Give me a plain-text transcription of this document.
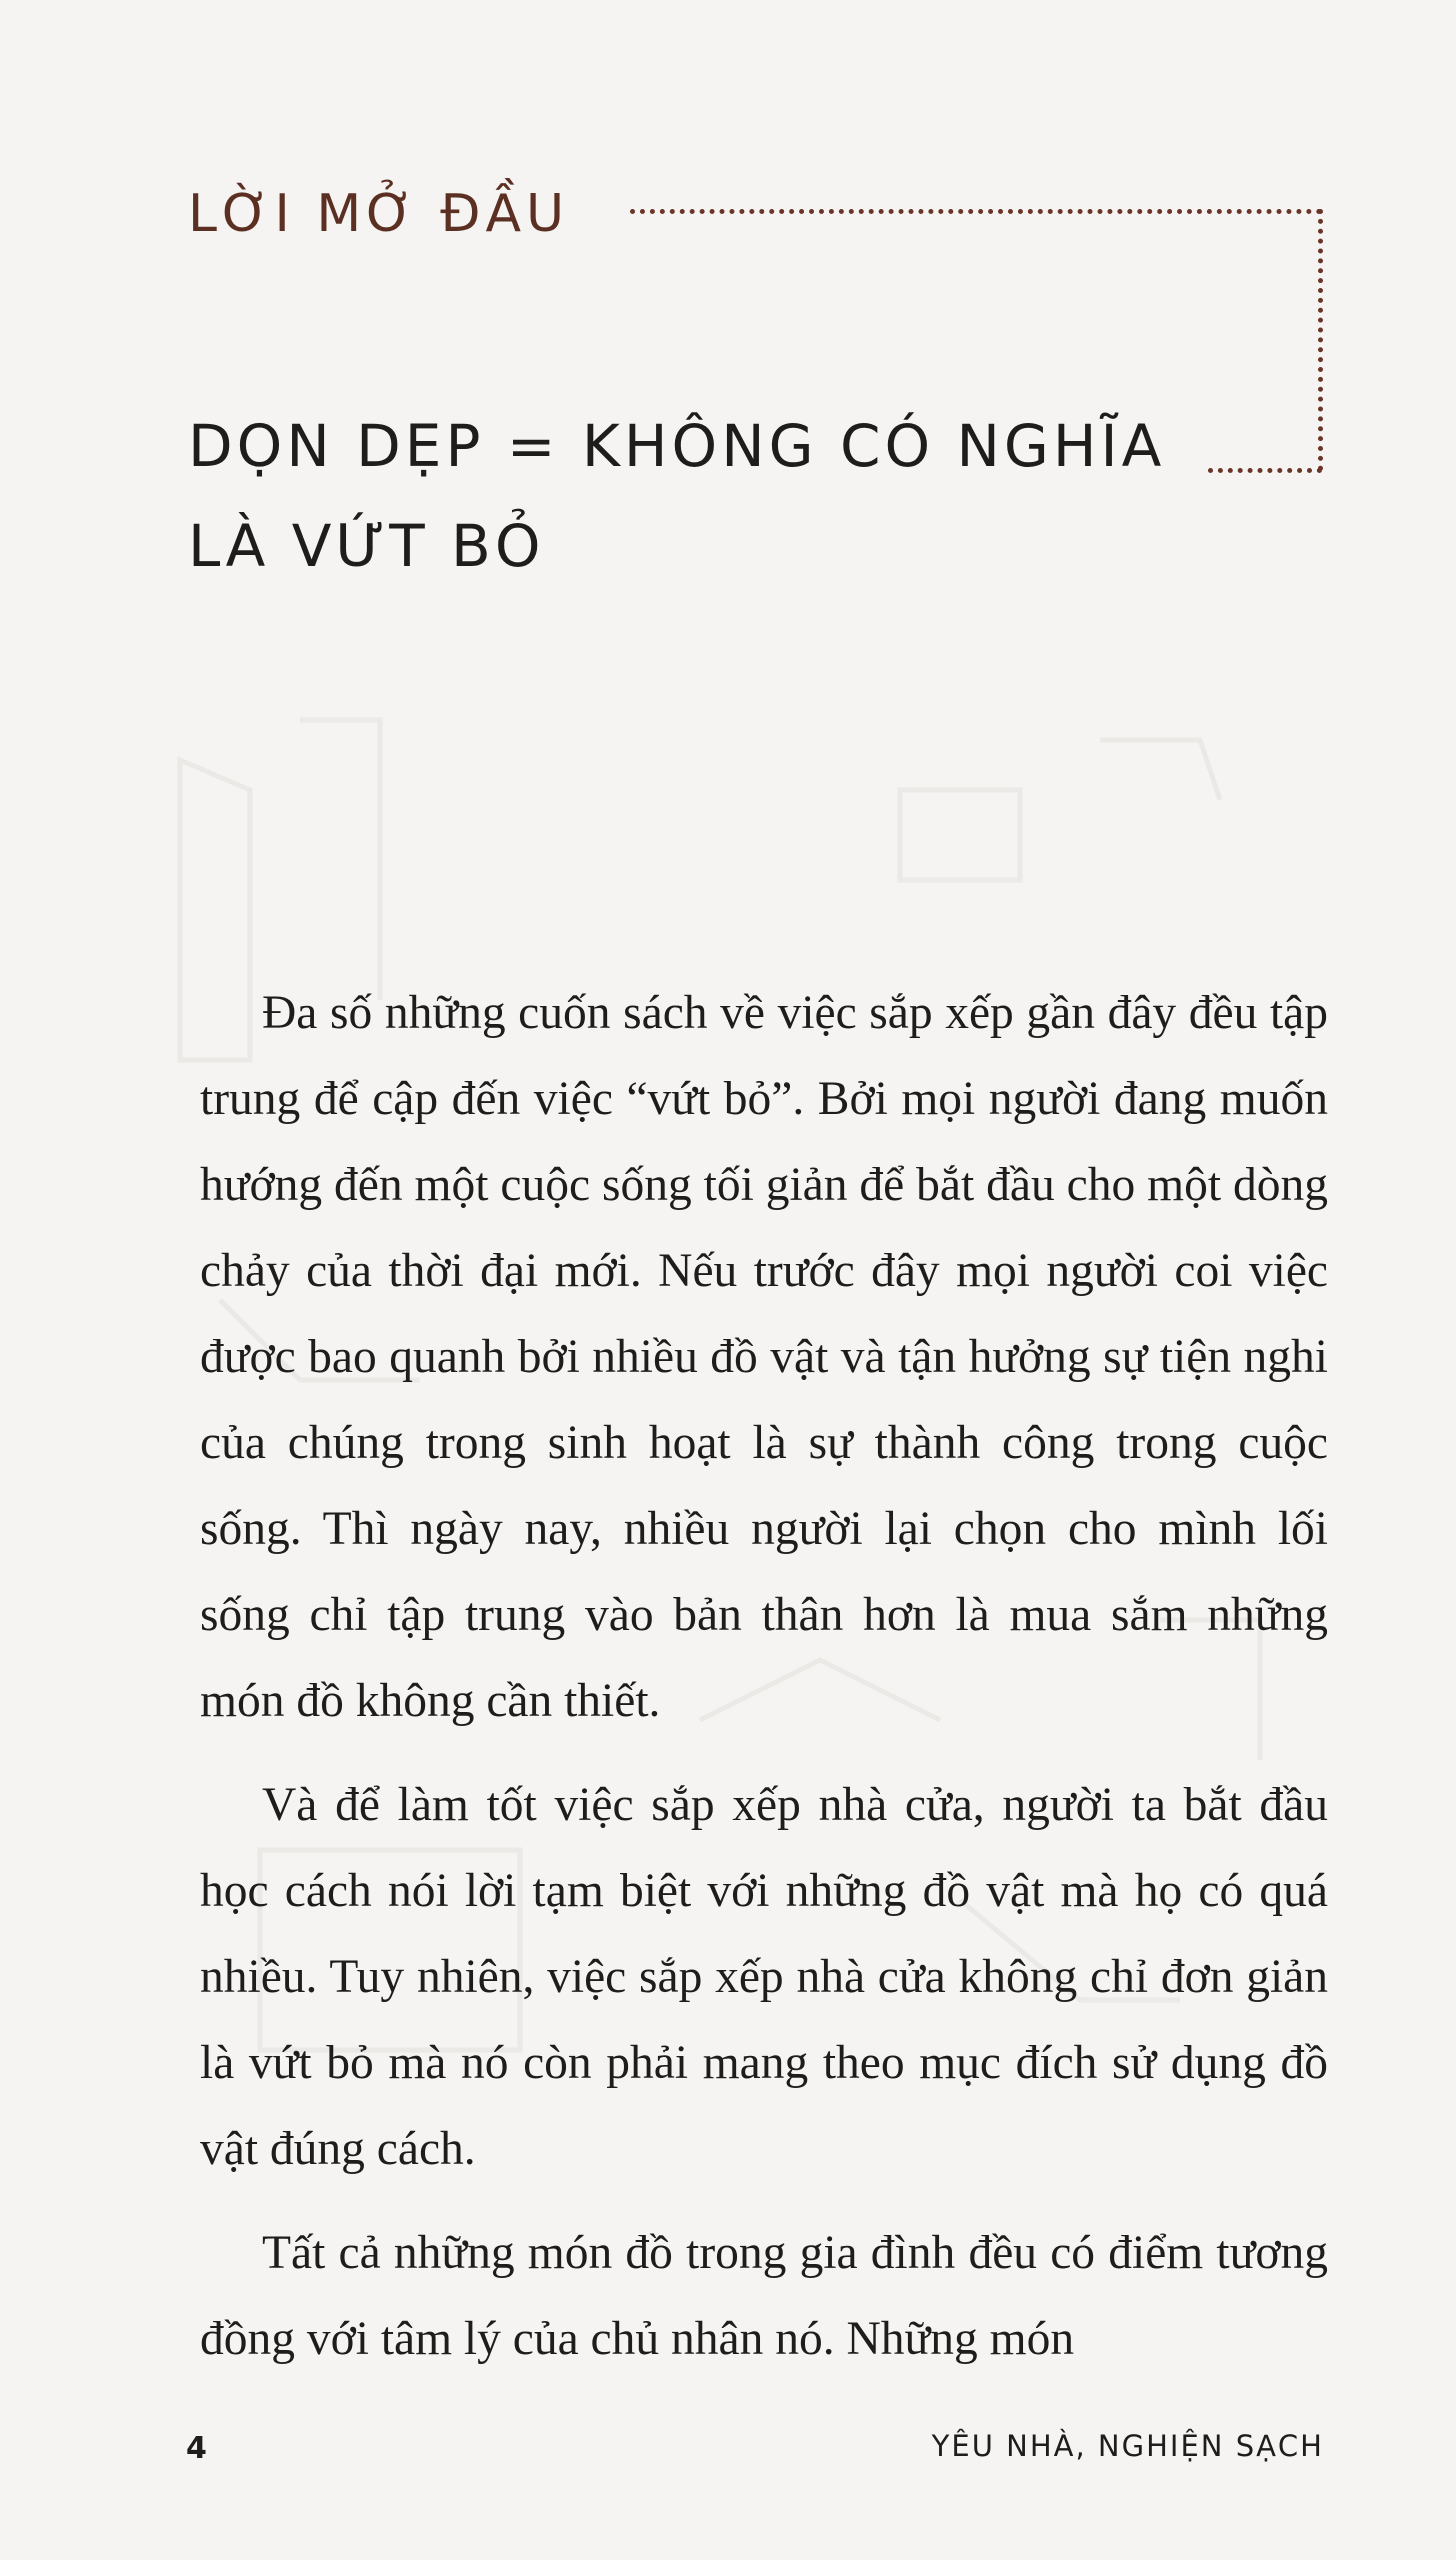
LỜI MỞ ĐẦU
DỌN DẸP = KHÔNG CÓ NGHĨA
LÀ VỨT BỎ

Đa số những cuốn sách về việc sắp xếp gần đây đều tập trung để cập đến việc “vứt bỏ”. Bởi mọi người đang muốn hướng đến một cuộc sống tối giản để bắt đầu cho một dòng chảy của thời đại mới. Nếu trước đây mọi người coi việc được bao quanh bởi nhiều đồ vật và tận hưởng sự tiện nghi của chúng trong sinh hoạt là sự thành công trong cuộc sống. Thì ngày nay, nhiều người lại chọn cho mình lối sống chỉ tập trung vào bản thân hơn là mua sắm những món đồ không cần thiết.

Và để làm tốt việc sắp xếp nhà cửa, người ta bắt đầu học cách nói lời tạm biệt với những đồ vật mà họ có quá nhiều. Tuy nhiên, việc sắp xếp nhà cửa không chỉ đơn giản là vứt bỏ mà nó còn phải mang theo mục đích sử dụng đồ vật đúng cách.

Tất cả những món đồ trong gia đình đều có điểm tương đồng với tâm lý của chủ nhân nó. Những món

4	YÊU NHÀ, NGHIỆN SẠCH
